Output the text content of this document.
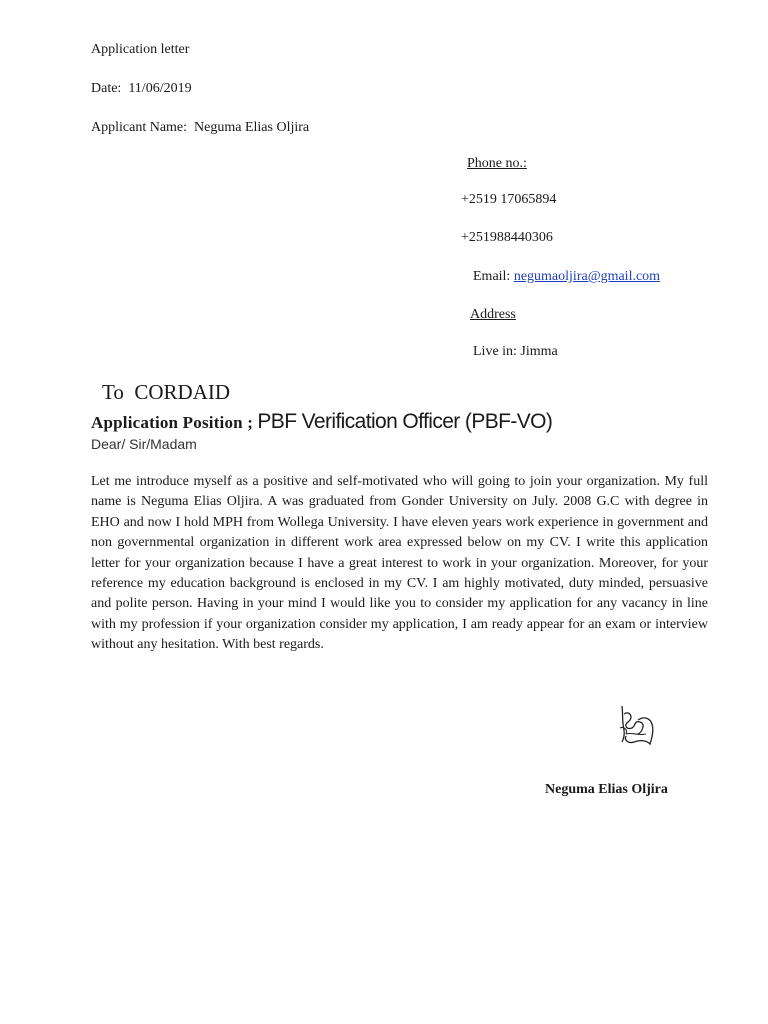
Application letter
Date: 11/06/2019
Applicant Name: Neguma Elias Oljira
Phone no.:
+2519 17065894
+251988440306
Email: negumaoljira@gmail.com
Address
Live in: Jimma
To CORDAID
Application Position ; PBF Verification Officer (PBF-VO)
Dear/ Sir/Madam
Let me introduce myself as a positive and self-motivated who will going to join your organization. My full name is Neguma Elias Oljira. A was graduated from Gonder University on July. 2008 G.C with degree in EHO and now I hold MPH from Wollega University. I have eleven years work experience in government and non governmental organization in different work area expressed below on my CV. I write this application letter for your organization because I have a great interest to work in your organization. Moreover, for your reference my education background is enclosed in my CV. I am highly motivated, duty minded, persuasive and polite person. Having in your mind I would like you to consider my application for any vacancy in line with my profession if your organization consider my application, I am ready appear for an exam or interview without any hesitation. With best regards.
Neguma Elias Oljira
